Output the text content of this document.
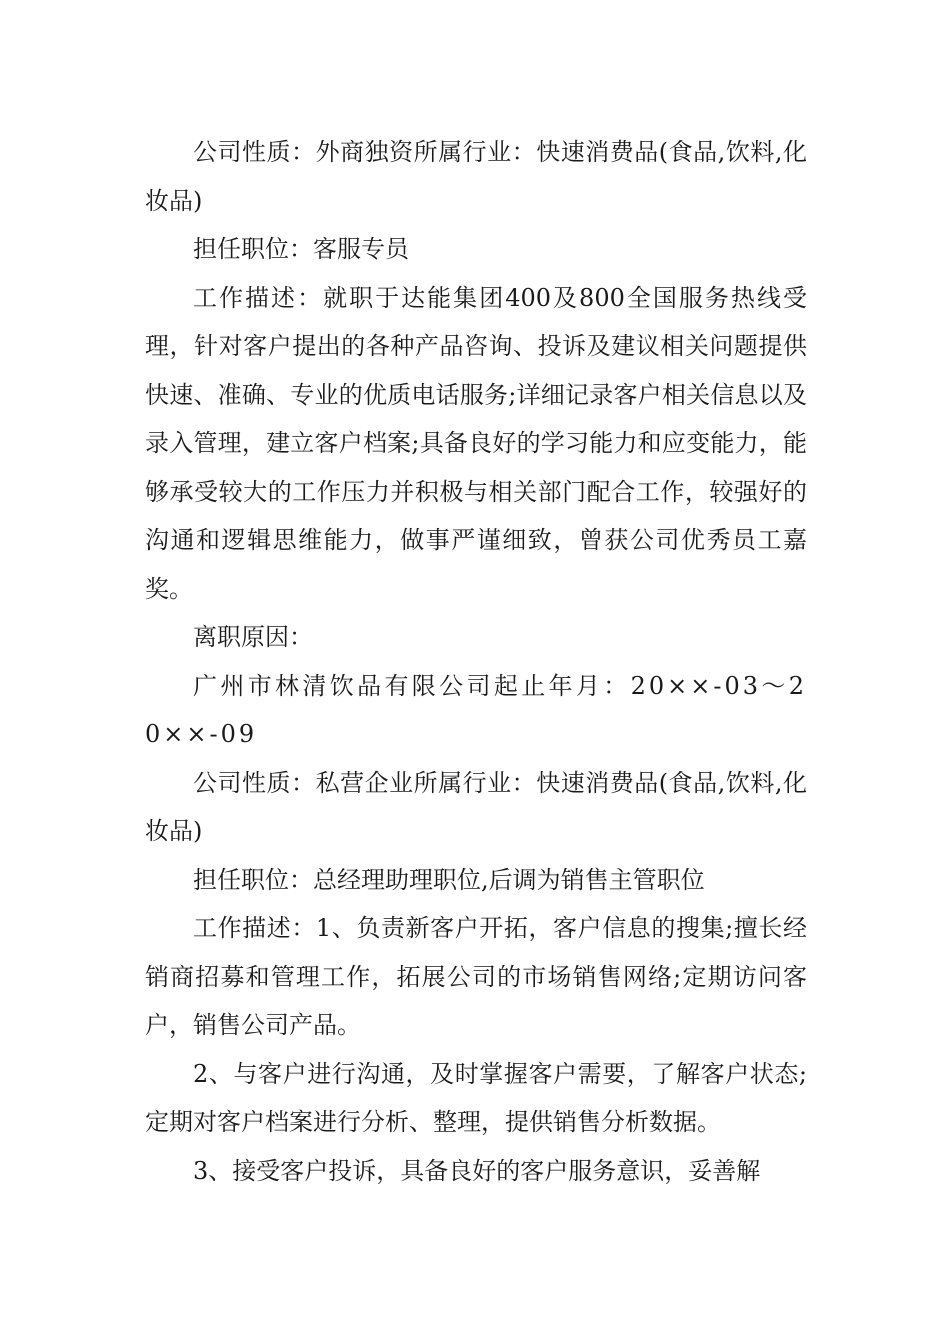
公司性质：外商独资所属行业：快速消费品(食品,饮料,化妆品)

担任职位：客服专员

工作描述：就职于达能集团400及800全国服务热线受理，针对客户提出的各种产品咨询、投诉及建议相关问题提供快速、准确、专业的优质电话服务;详细记录客户相关信息以及录入管理，建立客户档案;具备良好的学习能力和应变能力，能够承受较大的工作压力并积极与相关部门配合工作，较强好的沟通和逻辑思维能力，做事严谨细致，曾获公司优秀员工嘉奖。

离职原因：

广州市林清饮品有限公司起止年月：20××-03～20××-09

公司性质：私营企业所属行业：快速消费品(食品,饮料,化妆品)

担任职位：总经理助理职位,后调为销售主管职位

工作描述：1、负责新客户开拓，客户信息的搜集;擅长经销商招募和管理工作，拓展公司的市场销售网络;定期访问客户，销售公司产品。

2、与客户进行沟通，及时掌握客户需要，了解客户状态;定期对客户档案进行分析、整理，提供销售分析数据。

3、接受客户投诉，具备良好的客户服务意识，妥善解
